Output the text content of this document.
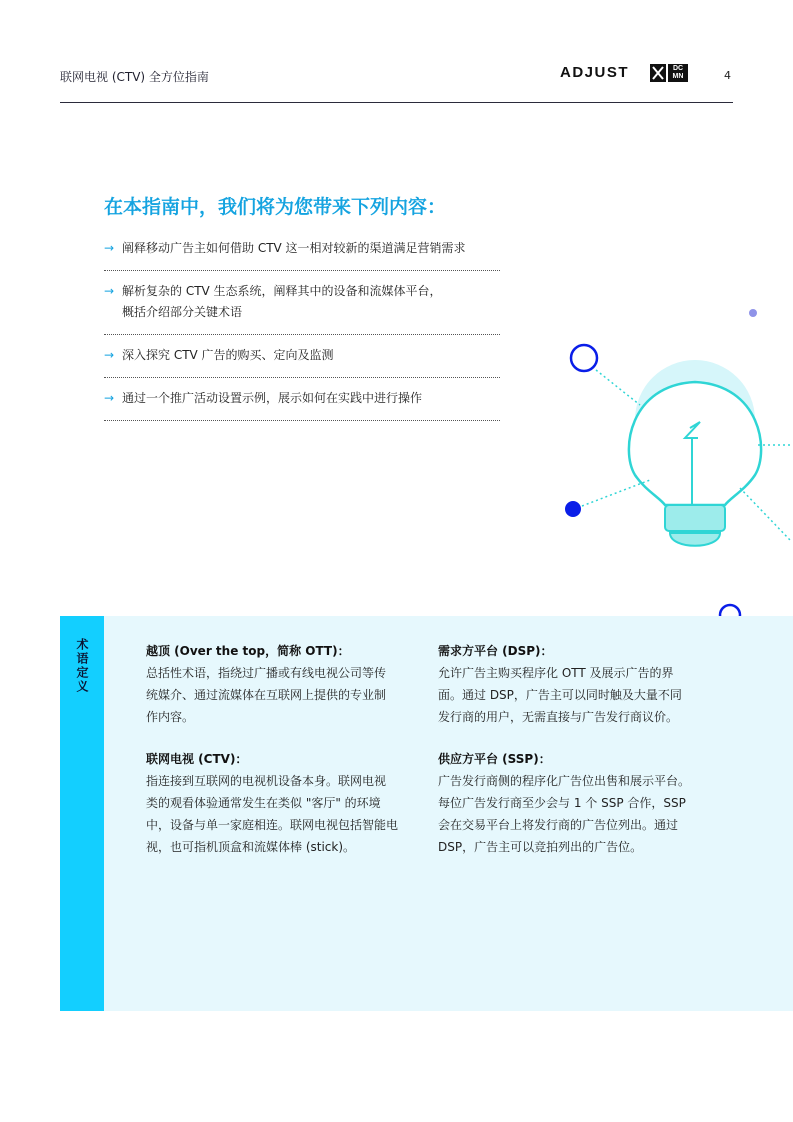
联网电视 (CTV) 全方位指南	ADJUST	DC MN	4
在本指南中，我们将为您带来下列内容：
→ 阐释移动广告主如何借助 CTV 这一相对较新的渠道满足营销需求
→ 解析复杂的 CTV 生态系统，阐释其中的设备和流媒体平台，
概括介绍部分关键术语
→ 深入探究 CTV 广告的购买、定向及监测
→ 通过一个推广活动设置示例，展示如何在实践中进行操作
术语定义	越顶 (Over the top，简称 OTT)：
总括性术语，指绕过广播或有线电视公司等传
统媒介、通过流媒体在互联网上提供的专业制
作内容。
联网电视 (CTV)：
指连接到互联网的电视机设备本身。联网电视
类的观看体验通常发生在类似 "客厅" 的环境
中，设备与单一家庭相连。联网电视包括智能电
视，也可指机顶盒和流媒体棒 (stick)。
需求方平台 (DSP)：
允许广告主购买程序化 OTT 及展示广告的界
面。通过 DSP，广告主可以同时触及大量不同
发行商的用户，无需直接与广告发行商议价。
供应方平台 (SSP)：
广告发行商侧的程序化广告位出售和展示平台。
每位广告发行商至少会与 1 个 SSP 合作，SSP
会在交易平台上将发行商的广告位列出。通过
DSP，广告主可以竞拍列出的广告位。
